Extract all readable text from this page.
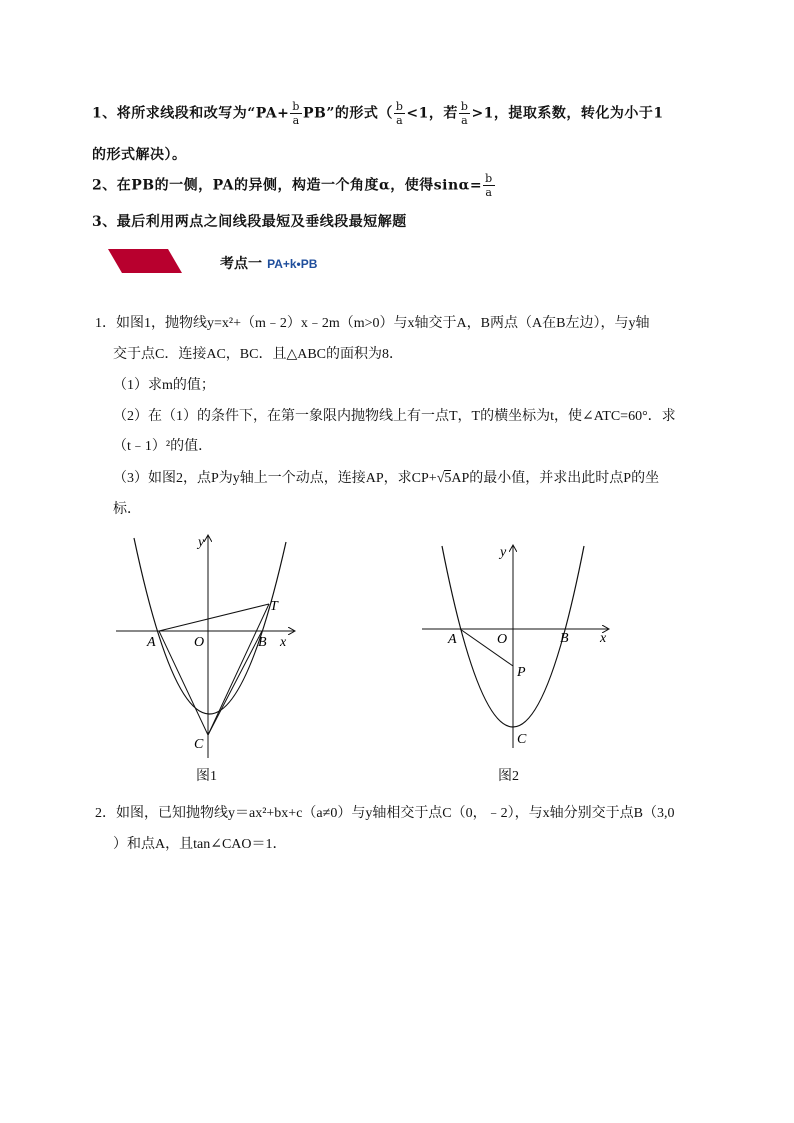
1、将所求线段和改写为“$PA+ \frac{b}{a}$ PB”的形式（ $\frac{b}{a} <1$，若 $\frac{b}{a} >1$，提取系数，转化为小于1
的形式解决）。
2、在PB的一侧，PA的异侧，构造一个角度α，使得$\sin\alpha= \frac{b}{a}$
3、最后利用两点之间线段最短及垂线段最短解题
考点一 PA+k•PB
1．如图1，抛物线y=x²+（m﹣2）x﹣2m（m>0）与x轴交于A，B两点（A在B左边），与y轴
交于点C．连接AC，BC．且△ABC的面积为8．
（1）求m的值；
（2）在（1）的条件下，在第一象限内抛物线上有一点T，T的横坐标为t，使∠ATC=60°．求
（t﹣1）²的值．
（3）如图2，点P为y轴上一个动点，连接AP，求CP+√5AP的最小值，并求出此时点P的坐
标．
y
x
A	O	B
T
C
图1
y
x
A	O	B
P
C
图2
2．如图，已知抛物线y＝ax²+bx+c（a≠0）与y轴相交于点C（0，﹣2），与x轴分别交于点B（3,0
）和点A，且tan∠CAO＝1．
